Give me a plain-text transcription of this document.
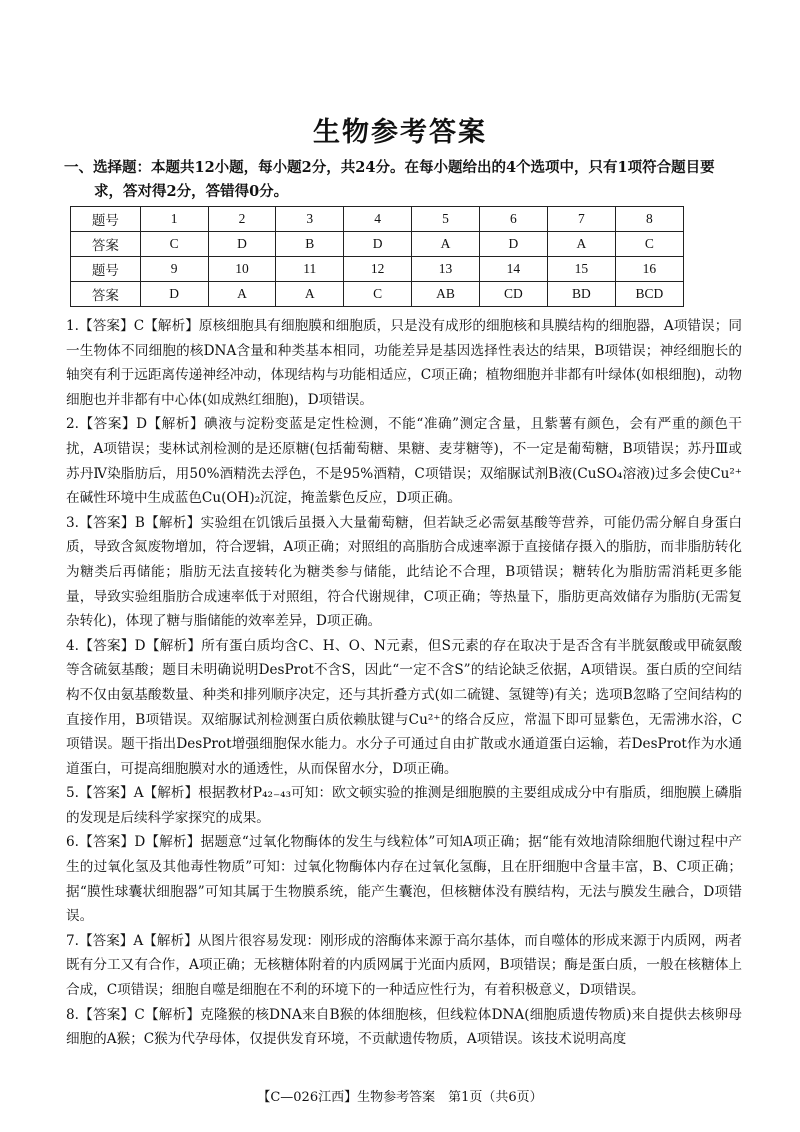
生物参考答案
一、选择题：本题共12小题，每小题2分，共24分。在每小题给出的4个选项中，只有1项符合题目要
求，答对得2分，答错得0分。
题号	1	2	3	4	5	6	7	8
答案	C	D	B	D	A	D	A	C
题号	9	10	11	12	13	14	15	16
答案	D	A	A	C	AB	CD	BD	BCD

1.【答案】C【解析】原核细胞具有细胞膜和细胞质，只是没有成形的细胞核和具膜结构的细胞器，A项错误；同一生物体不同细胞的核DNA含量和种类基本相同，功能差异是基因选择性表达的结果，B项错误；神经细胞长的轴突有利于远距离传递神经冲动，体现结构与功能相适应，C项正确；植物细胞并非都有叶绿体(如根细胞)，动物细胞也并非都有中心体(如成熟红细胞)，D项错误。

2.【答案】D【解析】碘液与淀粉变蓝是定性检测，不能“准确”测定含量，且紫薯有颜色，会有严重的颜色干扰，A项错误；斐林试剂检测的是还原糖(包括葡萄糖、果糖、麦芽糖等)，不一定是葡萄糖，B项错误；苏丹Ⅲ或苏丹Ⅳ染脂肪后，用50%酒精洗去浮色，不是95%酒精，C项错误；双缩脲试剂B液(CuSO₄溶液)过多会使Cu²⁺在碱性环境中生成蓝色Cu(OH)₂沉淀，掩盖紫色反应，D项正确。

3.【答案】B【解析】实验组在饥饿后虽摄入大量葡萄糖，但若缺乏必需氨基酸等营养，可能仍需分解自身蛋白质，导致含氮废物增加，符合逻辑，A项正确；对照组的高脂肪合成速率源于直接储存摄入的脂肪，而非脂肪转化为糖类后再储能；脂肪无法直接转化为糖类参与储能，此结论不合理，B项错误；糖转化为脂肪需消耗更多能量，导致实验组脂肪合成速率低于对照组，符合代谢规律，C项正确；等热量下，脂肪更高效储存为脂肪(无需复杂转化)，体现了糖与脂储能的效率差异，D项正确。

4.【答案】D【解析】所有蛋白质均含C、H、O、N元素，但S元素的存在取决于是否含有半胱氨酸或甲硫氨酸等含硫氨基酸；题目未明确说明DesProt不含S，因此“一定不含S”的结论缺乏依据，A项错误。蛋白质的空间结构不仅由氨基酸数量、种类和排列顺序决定，还与其折叠方式(如二硫键、氢键等)有关；选项B忽略了空间结构的直接作用，B项错误。双缩脲试剂检测蛋白质依赖肽键与Cu²⁺的络合反应，常温下即可显紫色，无需沸水浴，C项错误。题干指出DesProt增强细胞保水能力。水分子可通过自由扩散或水通道蛋白运输，若DesProt作为水通道蛋白，可提高细胞膜对水的通透性，从而保留水分，D项正确。

5.【答案】A【解析】根据教材P₄₂₋₄₃可知：欧文顿实验的推测是细胞膜的主要组成成分中有脂质，细胞膜上磷脂的发现是后续科学家探究的成果。

6.【答案】D【解析】据题意“过氧化物酶体的发生与线粒体”可知A项正确；据“能有效地清除细胞代谢过程中产生的过氧化氢及其他毒性物质”可知：过氧化物酶体内存在过氧化氢酶，且在肝细胞中含量丰富，B、C项正确；据“膜性球囊状细胞器”可知其属于生物膜系统，能产生囊泡，但核糖体没有膜结构，无法与膜发生融合，D项错误。

7.【答案】A【解析】从图片很容易发现：刚形成的溶酶体来源于高尔基体，而自噬体的形成来源于内质网，两者既有分工又有合作，A项正确；无核糖体附着的内质网属于光面内质网，B项错误；酶是蛋白质，一般在核糖体上合成，C项错误；细胞自噬是细胞在不利的环境下的一种适应性行为，有着积极意义，D项错误。

8.【答案】C【解析】克隆猴的核DNA来自B猴的体细胞核，但线粒体DNA(细胞质遗传物质)来自提供去核卵母细胞的A猴；C猴为代孕母体，仅提供发育环境，不贡献遗传物质，A项错误。该技术说明高度

【C—026江西】生物参考答案　第1页（共6页）
